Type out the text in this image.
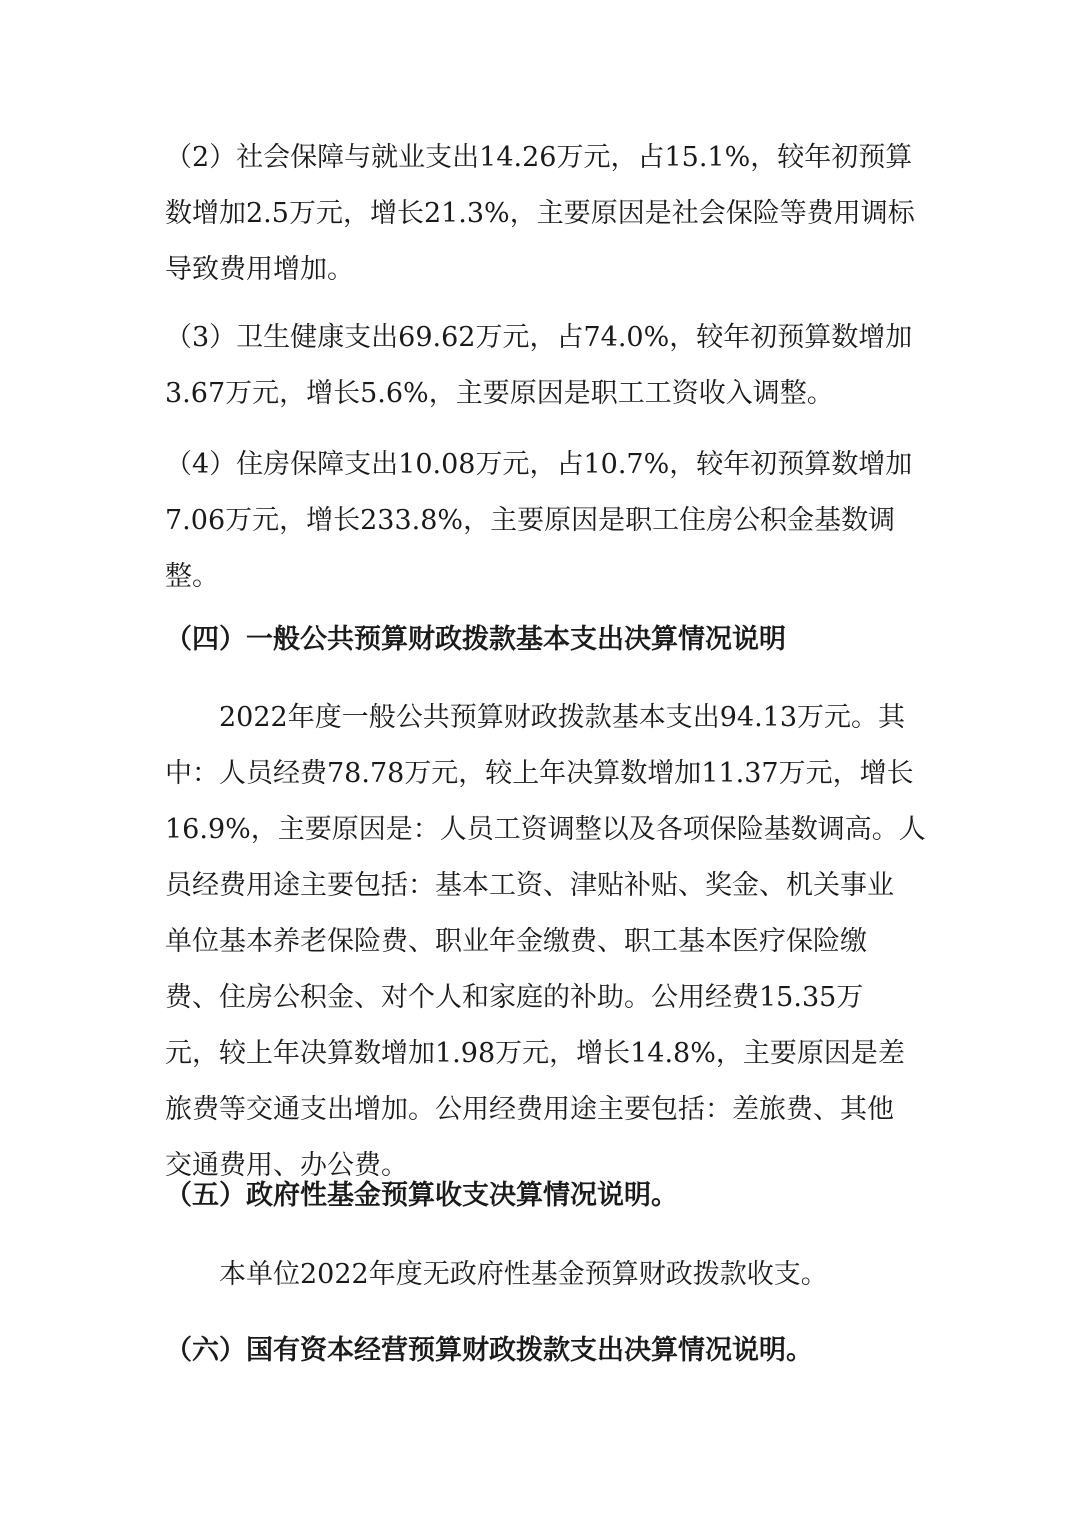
（2）社会保障与就业支出14.26万元，占15.1%，较年初预算
数增加2.5万元，增长21.3%，主要原因是社会保险等费用调标
导致费用增加。
（3）卫生健康支出69.62万元，占74.0%，较年初预算数增加
3.67万元，增长5.6%，主要原因是职工工资收入调整。
（4）住房保障支出10.08万元，占10.7%，较年初预算数增加
7.06万元，增长233.8%，主要原因是职工住房公积金基数调
整。
（四）一般公共预算财政拨款基本支出决算情况说明
　　2022年度一般公共预算财政拨款基本支出94.13万元。其
中：人员经费78.78万元，较上年决算数增加11.37万元，增长
16.9%，主要原因是：人员工资调整以及各项保险基数调高。人
员经费用途主要包括：基本工资、津贴补贴、奖金、机关事业
单位基本养老保险费、职业年金缴费、职工基本医疗保险缴
费、住房公积金、对个人和家庭的补助。公用经费15.35万
元，较上年决算数增加1.98万元，增长14.8%，主要原因是差
旅费等交通支出增加。公用经费用途主要包括：差旅费、其他
交通费用、办公费。
（五）政府性基金预算收支决算情况说明。
　　本单位2022年度无政府性基金预算财政拨款收支。
（六）国有资本经营预算财政拨款支出决算情况说明。
